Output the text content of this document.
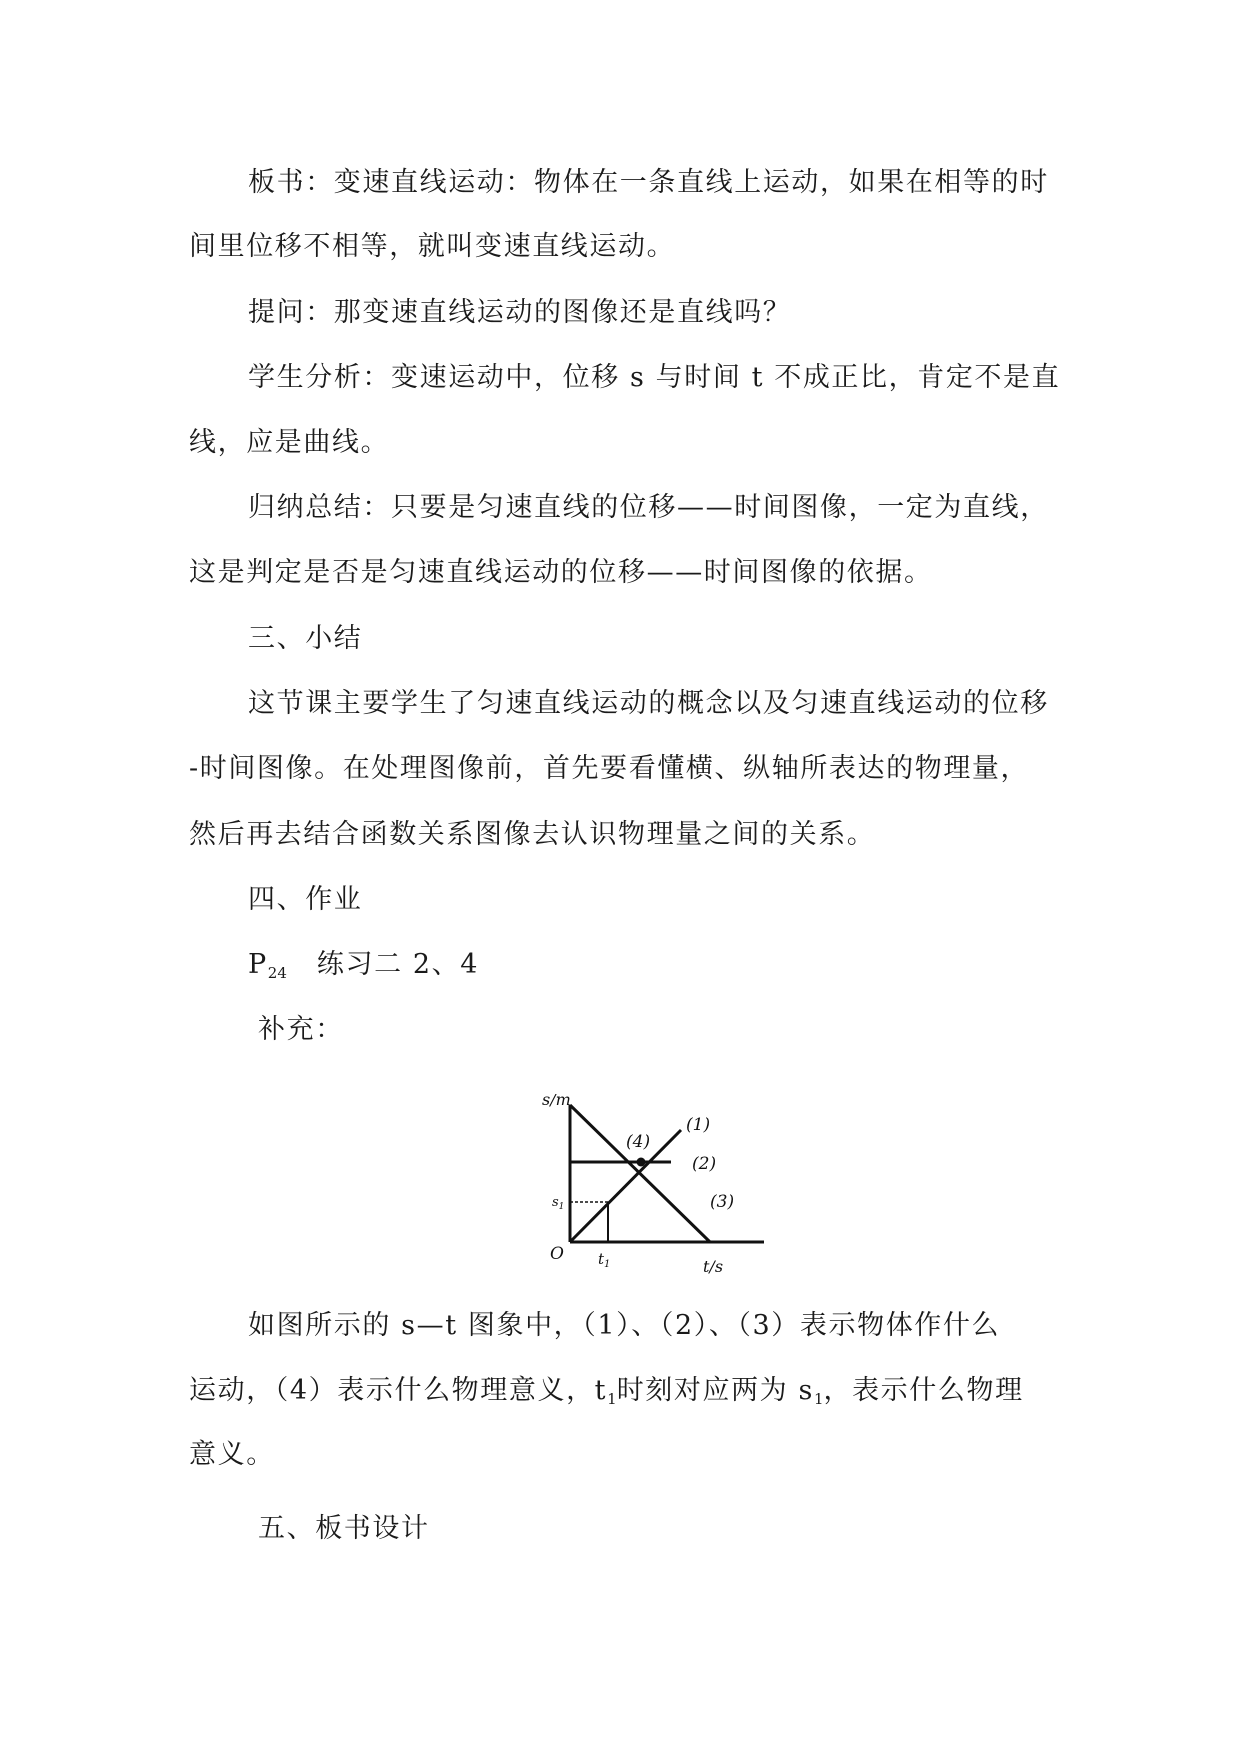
板书：变速直线运动：物体在一条直线上运动，如果在相等的时
间里位移不相等，就叫变速直线运动。
提问：那变速直线运动的图像还是直线吗？
学生分析：变速运动中，位移 s 与时间 t 不成正比，肯定不是直
线，应是曲线。
归纳总结：只要是匀速直线的位移——时间图像，一定为直线，
这是判定是否是匀速直线运动的位移——时间图像的依据。
三、小结
这节课主要学生了匀速直线运动的概念以及匀速直线运动的位移
-时间图像。在处理图像前，首先要看懂横、纵轴所表达的物理量，
然后再去结合函数关系图像去认识物理量之间的关系。
四、作业
$P_{24}$ 练习二 2、4
补充：
s/m
t/s
O
$s_1$
$t_1$
(1)
(2)
(3)
(4)
如图所示的 s—t 图象中，（1）、（2）、（3）表示物体作什么
运动，（4）表示什么物理意义，$t_1$时刻对应两为 $s_1$，表示什么物理
意义。
五、板书设计
